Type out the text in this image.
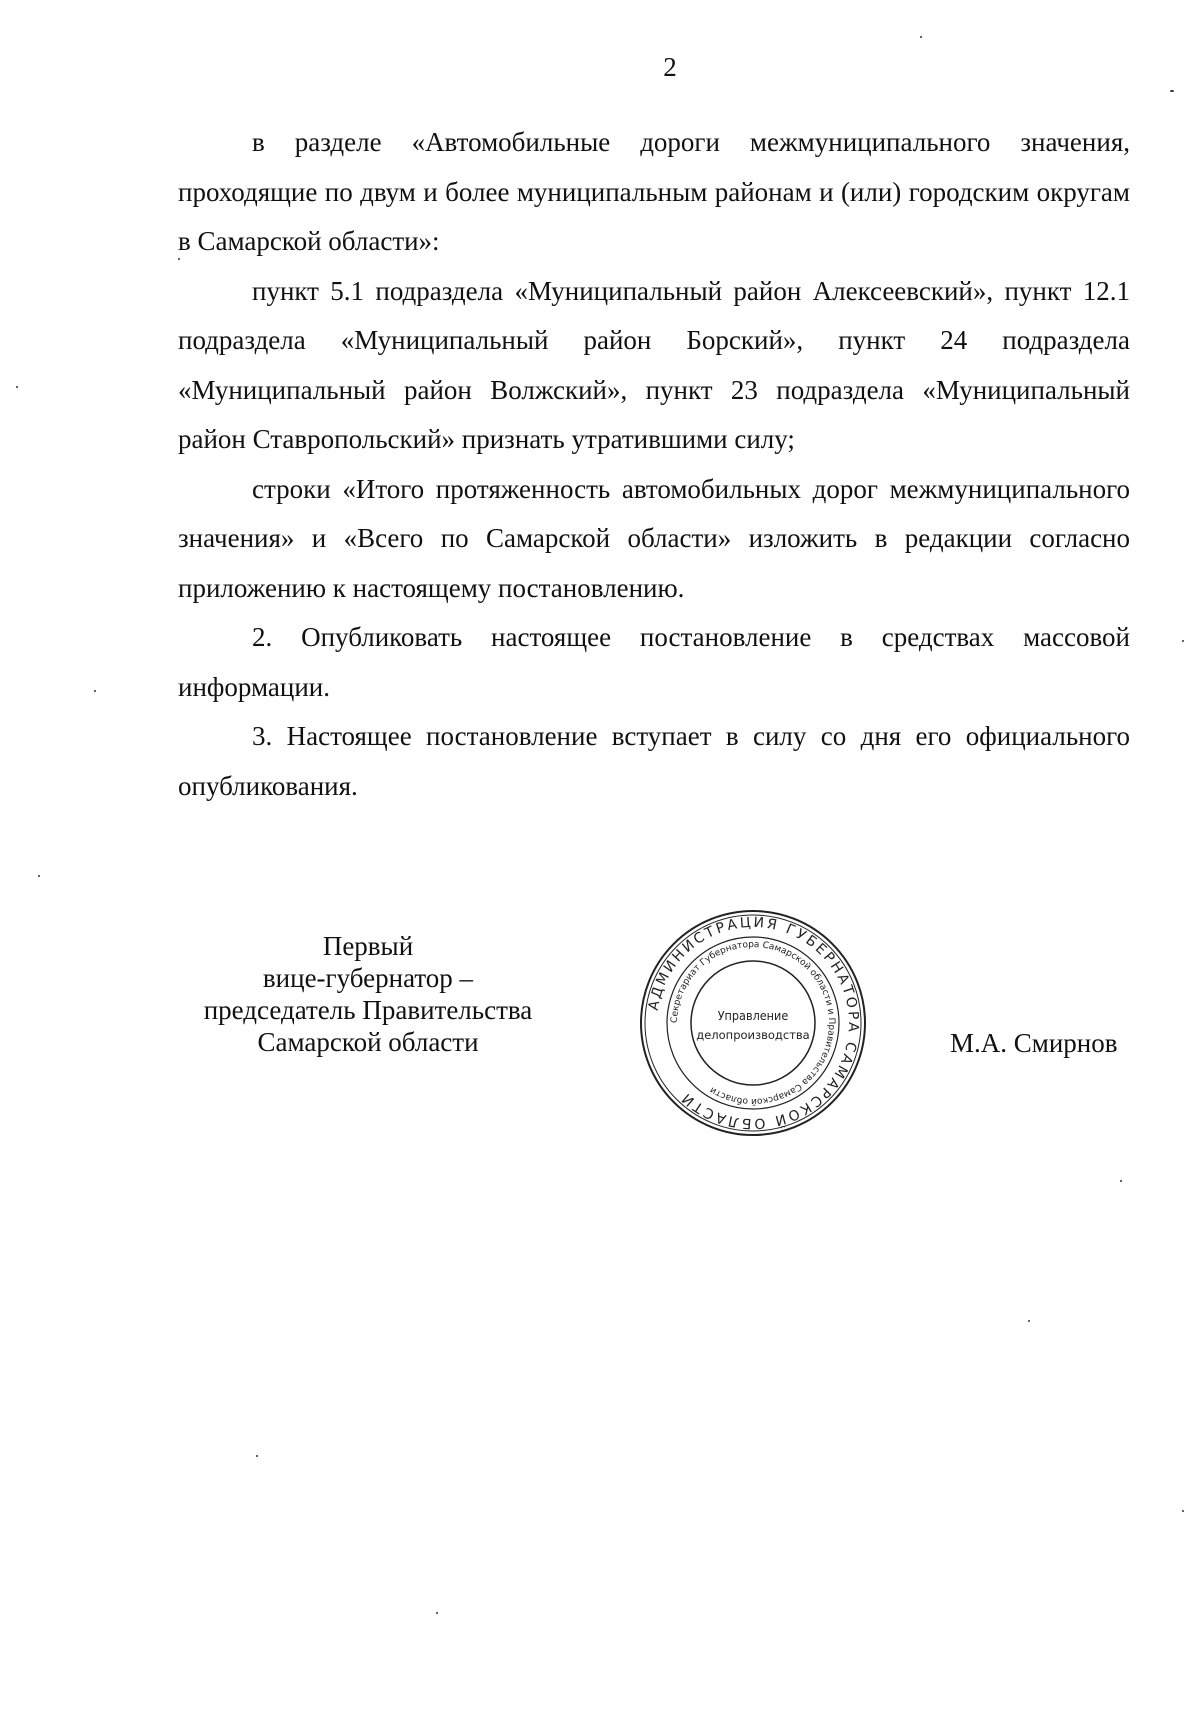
2

в разделе «Автомобильные дороги межмуниципального значения, проходящие по двум и более муниципальным районам и (или) городским округам в Самарской области»:

пункт 5.1 подраздела «Муниципальный район Алексеевский», пункт 12.1 подраздела «Муниципальный район Борский», пункт 24 подраздела «Муниципальный район Волжский», пункт 23 подраздела «Муниципальный район Ставропольский» признать утратившими силу;

строки «Итого протяженность автомобильных дорог межмуниципального значения» и «Всего по Самарской области» изложить в редакции согласно приложению к настоящему постановлению.

2. Опубликовать настоящее постановление в средствах массовой информации.

3. Настоящее постановление вступает в силу со дня его официального опубликования.

Первый
вице-губернатор –
председатель Правительства
Самарской области	М.А. Смирнов
АДМИНИСТРАЦИЯ ГУБЕРНАТОРА САМАРСКОЙ ОБЛАСТИ
Секретариат Губернатора Самарской области и Правительства Самарской области
Управление
делопроизводства
